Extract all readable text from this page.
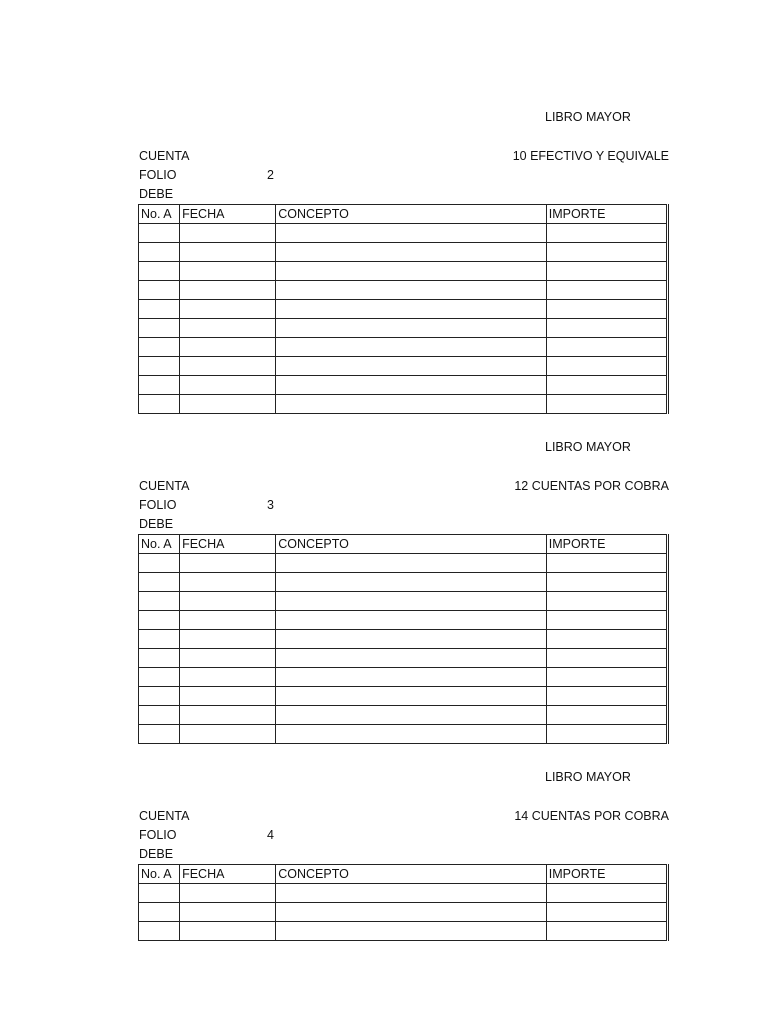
LIBRO MAYOR
CUENTA	10 EFECTIVO Y EQUIVALE
FOLIO	2
DEBE
No. A	FECHA	CONCEPTO	IMPORTE

LIBRO MAYOR
CUENTA	12 CUENTAS POR COBRA
FOLIO	3
DEBE
No. A	FECHA	CONCEPTO	IMPORTE

LIBRO MAYOR
CUENTA	14 CUENTAS POR COBRA
FOLIO	4
DEBE
No. A	FECHA	CONCEPTO	IMPORTE
